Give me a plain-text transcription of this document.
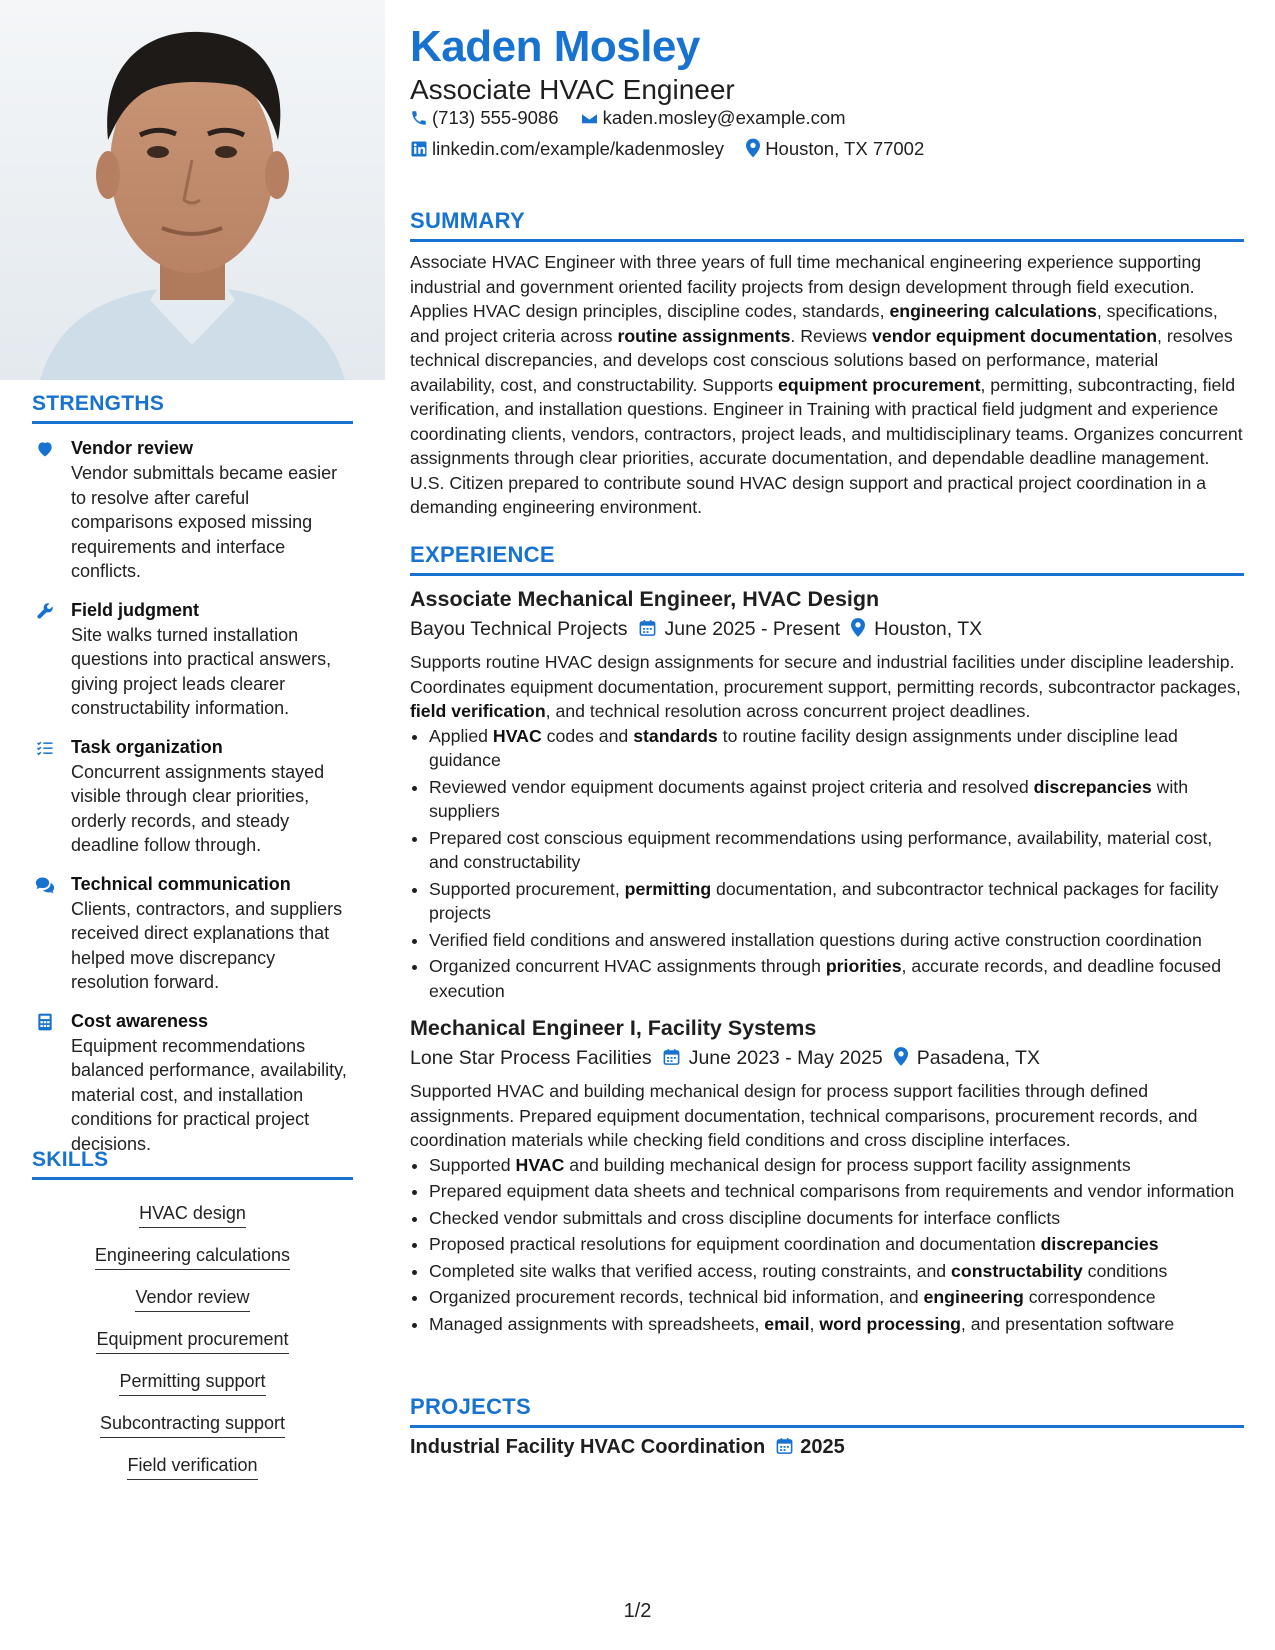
STRENGTHS
Vendor review
Vendor submittals became easier to resolve after careful comparisons exposed missing requirements and interface conflicts.
Field judgment
Site walks turned installation questions into practical answers, giving project leads clearer constructability information.
Task organization
Concurrent assignments stayed visible through clear priorities, orderly records, and steady deadline follow through.
Technical communication
Clients, contractors, and suppliers received direct explanations that helped move discrepancy resolution forward.
Cost awareness
Equipment recommendations balanced performance, availability, material cost, and installation conditions for practical project decisions.
SKILLS
HVAC design
Engineering calculations
Vendor review
Equipment procurement
Permitting support
Subcontracting support
Field verification
Kaden Mosley
Associate HVAC Engineer
(713) 555-9086 kaden.mosley@example.com
linkedin.com/example/kadenmosley Houston, TX 77002
SUMMARY

Associate HVAC Engineer with three years of full time mechanical engineering experience supporting industrial and government oriented facility projects from design development through field execution. Applies HVAC design principles, discipline codes, standards, engineering calculations, specifications, and project criteria across routine assignments. Reviews vendor equipment documentation, resolves technical discrepancies, and develops cost conscious solutions based on performance, material availability, cost, and constructability. Supports equipment procurement, permitting, subcontracting, field verification, and installation questions. Engineer in Training with practical field judgment and experience coordinating clients, vendors, contractors, project leads, and multidisciplinary teams. Organizes concurrent assignments through clear priorities, accurate documentation, and dependable deadline management. U.S. Citizen prepared to contribute sound HVAC design support and practical project coordination in a demanding engineering environment.

EXPERIENCE
Associate Mechanical Engineer, HVAC Design
Bayou Technical Projects June 2025 - Present Houston, TX

Supports routine HVAC design assignments for secure and industrial facilities under discipline leadership. Coordinates equipment documentation, procurement support, permitting records, subcontractor packages, field verification, and technical resolution across concurrent project deadlines.

• Applied HVAC codes and standards to routine facility design assignments under discipline lead guidance
• Reviewed vendor equipment documents against project criteria and resolved discrepancies with suppliers
• Prepared cost conscious equipment recommendations using performance, availability, material cost, and constructability
• Supported procurement, permitting documentation, and subcontractor technical packages for facility projects
• Verified field conditions and answered installation questions during active construction coordination
• Organized concurrent HVAC assignments through priorities, accurate records, and deadline focused execution
Mechanical Engineer I, Facility Systems
Lone Star Process Facilities June 2023 - May 2025 Pasadena, TX

Supported HVAC and building mechanical design for process support facilities through defined assignments. Prepared equipment documentation, technical comparisons, procurement records, and coordination materials while checking field conditions and cross discipline interfaces.

• Supported HVAC and building mechanical design for process support facility assignments
• Prepared equipment data sheets and technical comparisons from requirements and vendor information
• Checked vendor submittals and cross discipline documents for interface conflicts
• Proposed practical resolutions for equipment coordination and documentation discrepancies
• Completed site walks that verified access, routing constraints, and constructability conditions
• Organized procurement records, technical bid information, and engineering correspondence
• Managed assignments with spreadsheets, email, word processing, and presentation software
PROJECTS
Industrial Facility HVAC Coordination 2025
1/2
